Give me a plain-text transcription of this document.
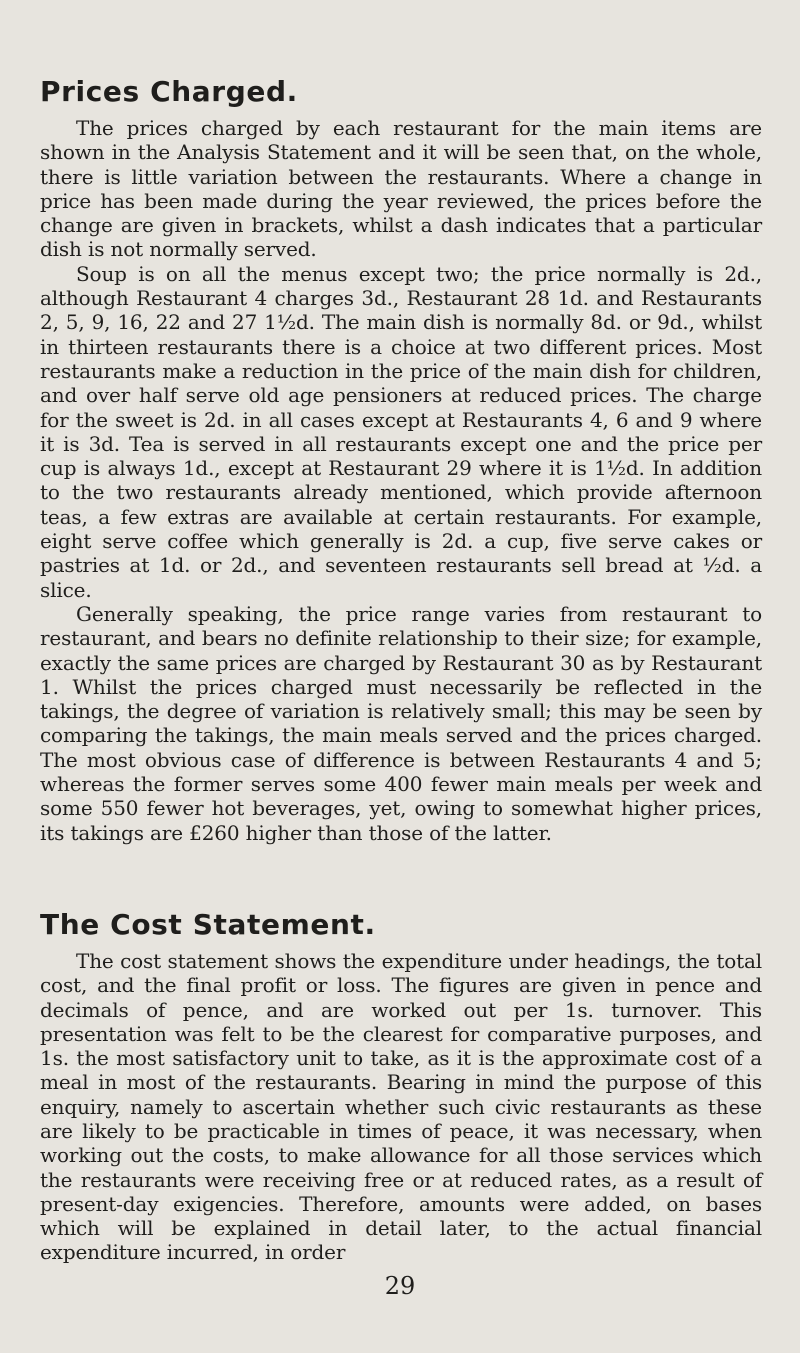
Prices Charged.

The prices charged by each restaurant for the main items are shown in the Analysis Statement and it will be seen that, on the whole, there is little variation between the restaurants. Where a change in price has been made during the year reviewed, the prices before the change are given in brackets, whilst a dash indicates that a particular dish is not normally served.

Soup is on all the menus except two; the price normally is 2d., although Restaurant 4 charges 3d., Restaurant 28 1d. and Restaurants 2, 5, 9, 16, 22 and 27 1½d. The main dish is normally 8d. or 9d., whilst in thirteen restaurants there is a choice at two different prices. Most restaurants make a reduction in the price of the main dish for children, and over half serve old age pensioners at reduced prices. The charge for the sweet is 2d. in all cases except at Restaurants 4, 6 and 9 where it is 3d. Tea is served in all restaurants except one and the price per cup is always 1d., except at Restaurant 29 where it is 1½d. In addition to the two restaurants already mentioned, which provide afternoon teas, a few extras are available at certain restaurants. For example, eight serve coffee which generally is 2d. a cup, five serve cakes or pastries at 1d. or 2d., and seventeen restaurants sell bread at ½d. a slice.

Generally speaking, the price range varies from restaurant to restaurant, and bears no definite relationship to their size; for example, exactly the same prices are charged by Restaurant 30 as by Restaurant 1. Whilst the prices charged must necessarily be reflected in the takings, the degree of variation is relatively small; this may be seen by comparing the takings, the main meals served and the prices charged. The most obvious case of difference is between Restaurants 4 and 5; whereas the former serves some 400 fewer main meals per week and some 550 fewer hot beverages, yet, owing to somewhat higher prices, its takings are £260 higher than those of the latter.

The Cost Statement.

The cost statement shows the expenditure under headings, the total cost, and the final profit or loss. The figures are given in pence and decimals of pence, and are worked out per 1s. turnover. This presentation was felt to be the clearest for comparative purposes, and 1s. the most satisfactory unit to take, as it is the approximate cost of a meal in most of the restaurants. Bearing in mind the purpose of this enquiry, namely to ascertain whether such civic restaurants as these are likely to be practicable in times of peace, it was necessary, when working out the costs, to make allowance for all those services which the restaurants were receiving free or at reduced rates, as a result of present-day exigencies. Therefore, amounts were added, on bases which will be explained in detail later, to the actual financial expenditure incurred, in order

29
